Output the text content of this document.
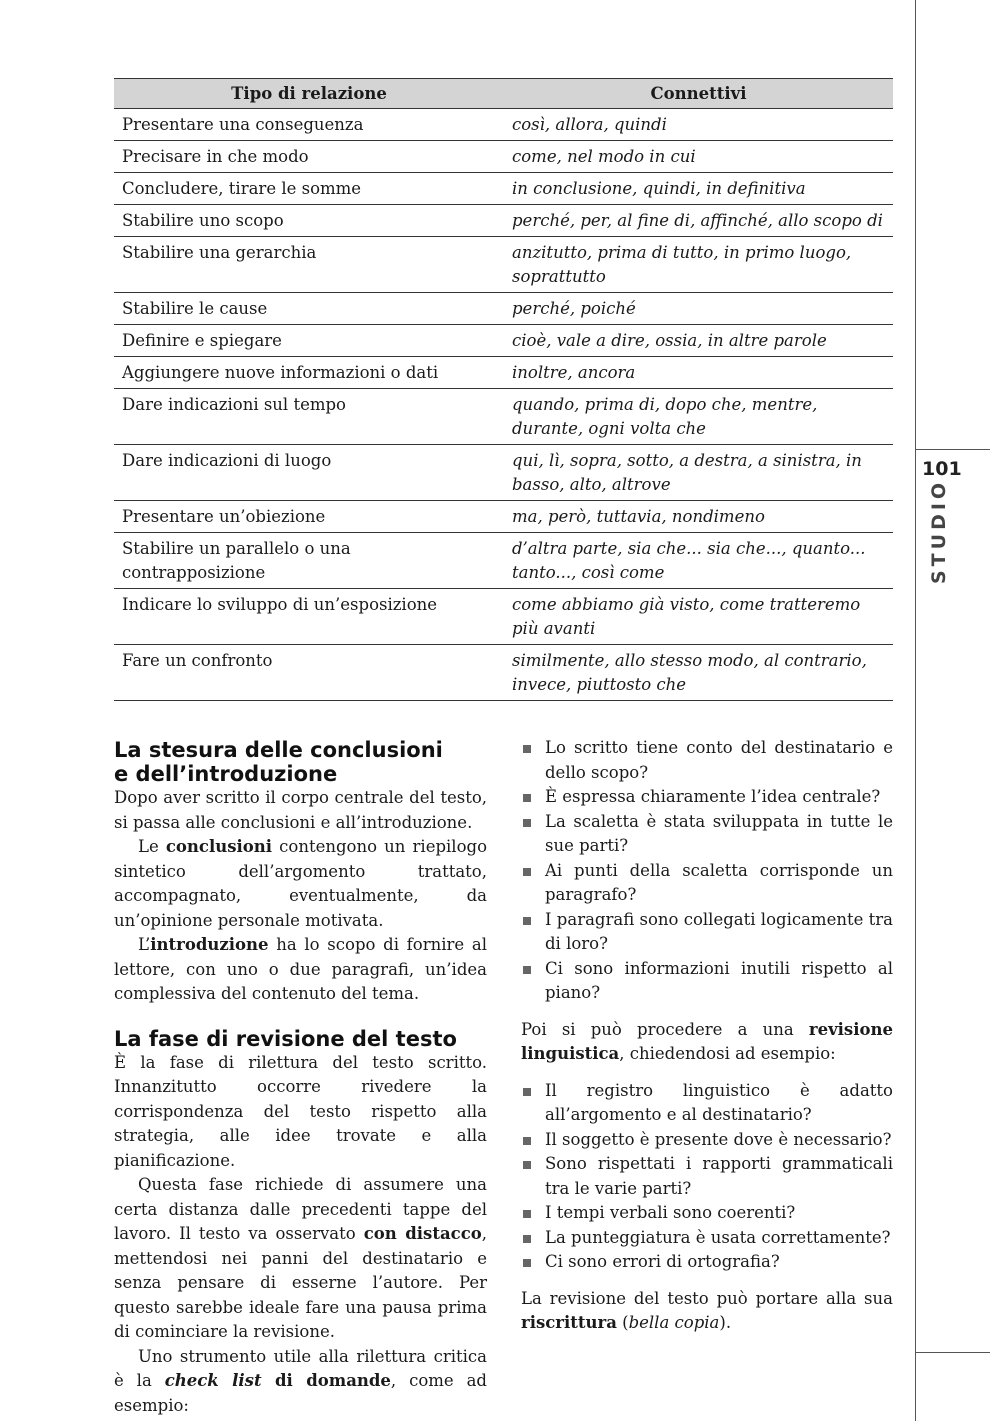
101
STUDIO
Tipo di relazione	Connettivi
Presentare una conseguenza	così, allora, quindi
Precisare in che modo	come, nel modo in cui
Concludere, tirare le somme	in conclusione, quindi, in definitiva
Stabilire uno scopo	perché, per, al fine di, affinché, allo scopo di
Stabilire una gerarchia	anzitutto, prima di tutto, in primo luogo, soprattutto
Stabilire le cause	perché, poiché
Definire e spiegare	cioè, vale a dire, ossia, in altre parole
Aggiungere nuove informazioni o dati	inoltre, ancora
Dare indicazioni sul tempo	quando, prima di, dopo che, mentre, durante, ogni volta che
Dare indicazioni di luogo	qui, lì, sopra, sotto, a destra, a sinistra, in basso, alto, altrove
Presentare un’obiezione	ma, però, tuttavia, nondimeno
Stabilire un parallelo o una contrapposizione	d’altra parte, sia che... sia che..., quanto... tanto..., così come
Indicare lo sviluppo di un’esposizione	come abbiamo già visto, come tratteremo più avanti
Fare un confronto	similmente, allo stesso modo, al contrario, invece, piuttosto che
La stesura delle conclusioni
e dell’introduzione

Dopo aver scritto il corpo centrale del testo, si passa alle conclusioni e all’introduzione.

Le conclusioni contengono un riepilogo sintetico dell’argomento trattato, accompagnato, eventualmente, da un’opinione personale motivata.

L’introduzione ha lo scopo di fornire al lettore, con uno o due paragrafi, un’idea complessiva del contenuto del tema.

La fase di revisione del testo

È la fase di rilettura del testo scritto. Innanzitutto occorre rivedere la corrispondenza del testo rispetto alla strategia, alle idee trovate e alla pianificazione.

Questa fase richiede di assumere una certa distanza dalle precedenti tappe del lavoro. Il testo va osservato con distacco, mettendosi nei panni del destinatario e senza pensare di esserne l’autore. Per questo sarebbe ideale fare una pausa prima di cominciare la revisione.

Uno strumento utile alla rilettura critica è la check list di domande, come ad esempio:

Lo scritto tiene conto del destinatario e dello scopo?
È espressa chiaramente l’idea centrale?
La scaletta è stata sviluppata in tutte le sue parti?
Ai punti della scaletta corrisponde un paragrafo?
I paragrafi sono collegati logicamente tra di loro?
Ci sono informazioni inutili rispetto al piano?

Poi si può procedere a una revisione linguistica, chiedendosi ad esempio:

Il registro linguistico è adatto all’argomento e al destinatario?
Il soggetto è presente dove è necessario?
Sono rispettati i rapporti grammaticali tra le varie parti?
I tempi verbali sono coerenti?
La punteggiatura è usata correttamente?
Ci sono errori di ortografia?

La revisione del testo può portare alla sua riscrittura (bella copia).
